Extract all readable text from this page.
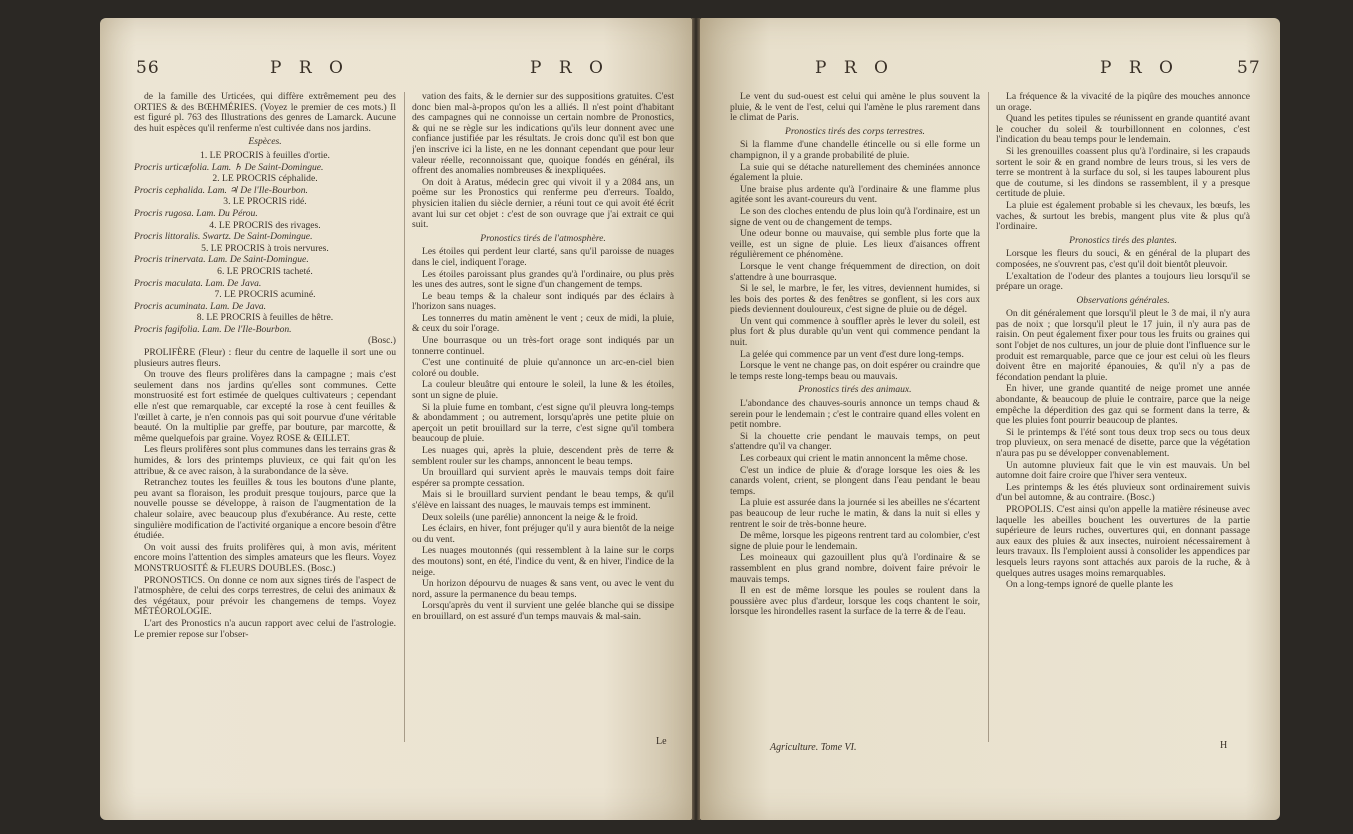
56	P R O	P R O

de la famille des Urticées, qui diffère extrêmement peu des ORTIES & des BŒHMÉRIES. (Voyez le premier de ces mots.) Il est figuré pl. 763 des Illustrations des genres de Lamarck. Aucune des huit espèces qu'il renferme n'est cultivée dans nos jardins.

Espèces.

1. LE PROCRIS à feuilles d'ortie.

Procris urticæfolia. Lam. ♄ De Saint-Domingue.

2. LE PROCRIS céphalide.

Procris cephalida. Lam. ♃ De l'Ile-Bourbon.

3. LE PROCRIS ridé.

Procris rugosa. Lam. Du Pérou.

4. LE PROCRIS des rivages.

Procris littoralis. Swartz. De Saint-Domingue.

5. LE PROCRIS à trois nervures.

Procris trinervata. Lam. De Saint-Domingue.

6. LE PROCRIS tacheté.

Procris maculata. Lam. De Java.

7. LE PROCRIS acuminé.

Procris acuminata. Lam. De Java.

8. LE PROCRIS à feuilles de hêtre.

Procris fagifolia. Lam. De l'Ile-Bourbon.

(Bosc.)

PROLIFÈRE (Fleur) : fleur du centre de laquelle il sort une ou plusieurs autres fleurs.

On trouve des fleurs prolifères dans la campagne ; mais c'est seulement dans nos jardins qu'elles sont communes. Cette monstruosité est fort estimée de quelques cultivateurs ; cependant elle n'est que remarquable, car excepté la rose à cent feuilles & l'œillet à carte, je n'en connois pas qui soit pourvue d'une véritable beauté. On la multiplie par greffe, par bouture, par marcotte, & même quelquefois par graine. Voyez ROSE & ŒILLET.

Les fleurs prolifères sont plus communes dans les terrains gras & humides, & lors des printemps pluvieux, ce qui fait qu'on les attribue, & ce avec raison, à la surabondance de la sève.

Retranchez toutes les feuilles & tous les boutons d'une plante, peu avant sa floraison, les produit presque toujours, parce que la nouvelle pousse se développe, à raison de l'augmentation de la chaleur solaire, avec beaucoup plus d'exubérance. Au reste, cette singulière modification de l'activité organique a encore besoin d'être étudiée.

On voit aussi des fruits prolifères qui, à mon avis, méritent encore moins l'attention des simples amateurs que les fleurs. Voyez MONSTRUOSITÉ & FLEURS DOUBLES. (Bosc.)

PRONOSTICS. On donne ce nom aux signes tirés de l'aspect de l'atmosphère, de celui des corps terrestres, de celui des animaux & des végétaux, pour prévoir les changemens de temps. Voyez MÉTÉOROLOGIE.

L'art des Pronostics n'a aucun rapport avec celui de l'astrologie. Le premier repose sur l'obser-

vation des faits, & le dernier sur des suppositions gratuites. C'est donc bien mal-à-propos qu'on les a alliés. Il n'est point d'habitant des campagnes qui ne connoisse un certain nombre de Pronostics, & qui ne se règle sur les indications qu'ils leur donnent avec une confiance justifiée par les résultats. Je crois donc qu'il est bon que j'en inscrive ici la liste, en ne les donnant cependant que pour leur valeur réelle, reconnoissant que, quoique fondés en général, ils offrent des anomalies nombreuses & inexpliquées.

On doit à Aratus, médecin grec qui vivoit il y a 2084 ans, un poëme sur les Pronostics qui renferme peu d'erreurs. Toaldo, physicien italien du siècle dernier, a réuni tout ce qui avoit été écrit avant lui sur cet objet : c'est de son ouvrage que j'ai extrait ce qui suit.

Pronostics tirés de l'atmosphère.

Les étoiles qui perdent leur clarté, sans qu'il paroisse de nuages dans le ciel, indiquent l'orage.

Les étoiles paroissant plus grandes qu'à l'ordinaire, ou plus près les unes des autres, sont le signe d'un changement de temps.

Le beau temps & la chaleur sont indiqués par des éclairs à l'horizon sans nuages.

Les tonnerres du matin amènent le vent ; ceux de midi, la pluie, & ceux du soir l'orage.

Une bourrasque ou un très-fort orage sont indiqués par un tonnerre continuel.

C'est une continuité de pluie qu'annonce un arc-en-ciel bien coloré ou double.

La couleur bleuâtre qui entoure le soleil, la lune & les étoiles, sont un signe de pluie.

Si la pluie fume en tombant, c'est signe qu'il pleuvra long-temps & abondamment ; ou autrement, lorsqu'après une petite pluie on aperçoit un petit brouillard sur la terre, c'est signe qu'il tombera beaucoup de pluie.

Les nuages qui, après la pluie, descendent près de terre & semblent rouler sur les champs, annoncent le beau temps.

Un brouillard qui survient après le mauvais temps doit faire espérer sa prompte cessation.

Mais si le brouillard survient pendant le beau temps, & qu'il s'élève en laissant des nuages, le mauvais temps est imminent.

Deux soleils (une parélie) annoncent la neige & le froid.

Les éclairs, en hiver, font préjuger qu'il y aura bientôt de la neige ou du vent.

Les nuages moutonnés (qui ressemblent à la laine sur le corps des moutons) sont, en été, l'indice du vent, & en hiver, l'indice de la neige.

Un horizon dépourvu de nuages & sans vent, ou avec le vent du nord, assure la permanence du beau temps.

Lorsqu'après du vent il survient une gelée blanche qui se dissipe en brouillard, on est assuré d'un temps mauvais & mal-sain.

Le
P R O	P R O	57

Le vent du sud-ouest est celui qui amène le plus souvent la pluie, & le vent de l'est, celui qui l'amène le plus rarement dans le climat de Paris.

Pronostics tirés des corps terrestres.

Si la flamme d'une chandelle étincelle ou si elle forme un champignon, il y a grande probabilité de pluie.

La suie qui se détache naturellement des cheminées annonce également la pluie.

Une braise plus ardente qu'à l'ordinaire & une flamme plus agitée sont les avant-coureurs du vent.

Le son des cloches entendu de plus loin qu'à l'ordinaire, est un signe de vent ou de changement de temps.

Une odeur bonne ou mauvaise, qui semble plus forte que la veille, est un signe de pluie. Les lieux d'aisances offrent régulièrement ce phénomène.

Lorsque le vent change fréquemment de direction, on doit s'attendre à une bourrasque.

Si le sel, le marbre, le fer, les vitres, deviennent humides, si les bois des portes & des fenêtres se gonflent, si les cors aux pieds deviennent douloureux, c'est signe de pluie ou de dégel.

Un vent qui commence à souffler après le lever du soleil, est plus fort & plus durable qu'un vent qui commence pendant la nuit.

La gelée qui commence par un vent d'est dure long-temps.

Lorsque le vent ne change pas, on doit espérer ou craindre que le temps reste long-temps beau ou mauvais.

Pronostics tirés des animaux.

L'abondance des chauves-souris annonce un temps chaud & serein pour le lendemain ; c'est le contraire quand elles volent en petit nombre.

Si la chouette crie pendant le mauvais temps, on peut s'attendre qu'il va changer.

Les corbeaux qui crient le matin annoncent la même chose.

C'est un indice de pluie & d'orage lorsque les oies & les canards volent, crient, se plongent dans l'eau pendant le beau temps.

La pluie est assurée dans la journée si les abeilles ne s'écartent pas beaucoup de leur ruche le matin, & dans la nuit si elles y rentrent le soir de très-bonne heure.

De même, lorsque les pigeons rentrent tard au colombier, c'est signe de pluie pour le lendemain.

Les moineaux qui gazouillent plus qu'à l'ordinaire & se rassemblent en plus grand nombre, doivent faire prévoir le mauvais temps.

Il en est de même lorsque les poules se roulent dans la poussière avec plus d'ardeur, lorsque les coqs chantent le soir, lorsque les hirondelles rasent la surface de la terre & de l'eau.

La fréquence & la vivacité de la piqûre des mouches annonce un orage.

Quand les petites tipules se réunissent en grande quantité avant le coucher du soleil & tourbillonnent en colonnes, c'est l'indication du beau temps pour le lendemain.

Si les grenouilles coassent plus qu'à l'ordinaire, si les crapauds sortent le soir & en grand nombre de leurs trous, si les vers de terre se montrent à la surface du sol, si les taupes labourent plus que de coutume, si les dindons se rassemblent, il y a presque certitude de pluie.

La pluie est également probable si les chevaux, les bœufs, les vaches, & surtout les brebis, mangent plus vite & plus qu'à l'ordinaire.

Pronostics tirés des plantes.

Lorsque les fleurs du souci, & en général de la plupart des composées, ne s'ouvrent pas, c'est qu'il doit bientôt pleuvoir.

L'exaltation de l'odeur des plantes a toujours lieu lorsqu'il se prépare un orage.

Observations générales.

On dit généralement que lorsqu'il pleut le 3 de mai, il n'y aura pas de noix ; que lorsqu'il pleut le 17 juin, il n'y aura pas de raisin. On peut également fixer pour tous les fruits ou graines qui sont l'objet de nos cultures, un jour de pluie dont l'influence sur le produit est remarquable, parce que ce jour est celui où les fleurs doivent être en majorité épanouies, & qu'il n'y a pas de fécondation pendant la pluie.

En hiver, une grande quantité de neige promet une année abondante, & beaucoup de pluie le contraire, parce que la neige empêche la déperdition des gaz qui se forment dans la terre, & que les pluies font pourrir beaucoup de plantes.

Si le printemps & l'été sont tous deux trop secs ou tous deux trop pluvieux, on sera menacé de disette, parce que la végétation n'aura pas pu se développer convenablement.

Un automne pluvieux fait que le vin est mauvais. Un bel automne doit faire croire que l'hiver sera venteux.

Les printemps & les étés pluvieux sont ordinairement suivis d'un bel automne, & au contraire. (Bosc.)

PROPOLIS. C'est ainsi qu'on appelle la matière résineuse avec laquelle les abeilles bouchent les ouvertures de la partie supérieure de leurs ruches, ouvertures qui, en donnant passage aux eaux des pluies & aux insectes, nuiroient nécessairement à leurs travaux. Ils l'emploient aussi à consolider les appendices par lesquels leurs rayons sont attachés aux parois de la ruche, & à quelques autres usages moins remarquables.

On a long-temps ignoré de quelle plante les

Agriculture. Tome VI.	H
